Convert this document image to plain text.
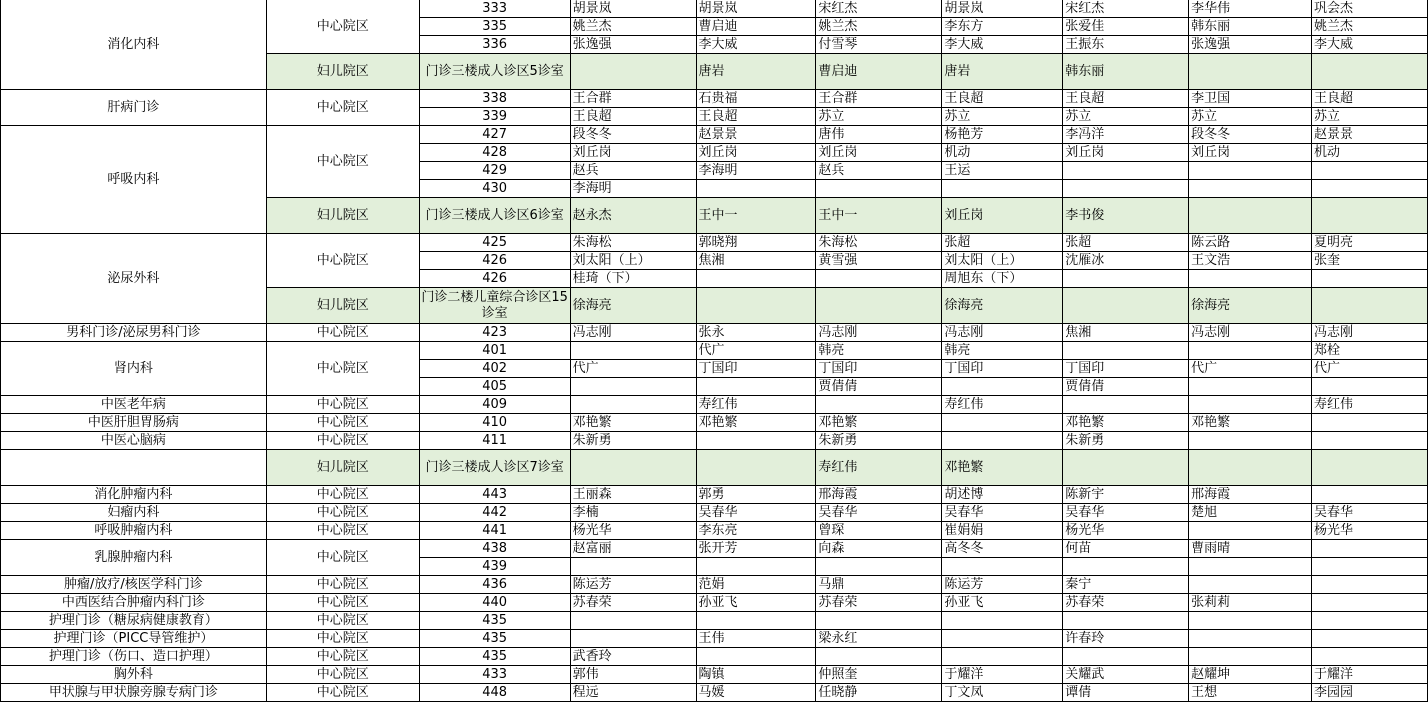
消化内科	中心院区	333	胡景岚	胡景岚	宋红杰	胡景岚	宋红杰	李华伟	巩会杰
		335	姚兰杰	曹启迪	姚兰杰	李东方	张爱佳	韩东丽	姚兰杰
		336	张逸强	李大威	付雪琴	李大威	王振东	张逸强	李大威
	妇儿院区	门诊三楼成人诊区5诊室		唐岩	曹启迪	唐岩	韩东丽		
肝病门诊	中心院区	338	王合群	石贵福	王合群	王良超	王良超	李卫国	王良超
		339	王良超	王良超	苏立	苏立	苏立	苏立	苏立
呼吸内科	中心院区	427	段冬冬	赵景景	唐伟	杨艳芳	李冯洋	段冬冬	赵景景
		428	刘丘岗	刘丘岗	刘丘岗	机动	刘丘岗	刘丘岗	机动
		429	赵兵	李海明	赵兵	王运			
		430	李海明						
	妇儿院区	门诊三楼成人诊区6诊室	赵永杰	王中一	王中一	刘丘岗	李书俊		
泌尿外科	中心院区	425	朱海松	郭晓翔	朱海松	张超	张超	陈云路	夏明亮
		426	刘太阳（上）	焦湘	黄雪强	刘太阳（上）	沈雁冰	王文浩	张奎
		426	桂琦（下）			周旭东（下）			
	妇儿院区	门诊二楼儿童综合诊区15诊室	徐海亮			徐海亮		徐海亮	
男科门诊/泌尿男科门诊	中心院区	423	冯志刚	张永	冯志刚	冯志刚	焦湘	冯志刚	冯志刚
肾内科	中心院区	401		代广	韩亮	韩亮			郑栓
		402	代广	丁国印	丁国印	丁国印	丁国印	代广	代广
		405			贾倩倩		贾倩倩		
中医老年病	中心院区	409		寿红伟		寿红伟			寿红伟
中医肝胆胃肠病	中心院区	410	邓艳繁	邓艳繁	邓艳繁		邓艳繁	邓艳繁	
中医心脑病	中心院区	411	朱新勇		朱新勇		朱新勇		
	妇儿院区	门诊三楼成人诊区7诊室			寿红伟	邓艳繁			
消化肿瘤内科	中心院区	443	王丽森	郭勇	邢海霞	胡述博	陈新宇	邢海霞	
妇瘤内科	中心院区	442	李楠	吴春华	吴春华	吴春华	吴春华	楚旭	吴春华
呼吸肿瘤内科	中心院区	441	杨光华	李东亮	曾琛	崔娟娟	杨光华		杨光华
乳腺肿瘤内科	中心院区	438	赵富丽	张开芳	向森	高冬冬	何苗	曹雨晴	
		439							
肿瘤/放疗/核医学科门诊	中心院区	436	陈运芳	范娟	马鼎	陈运芳	秦宁		
中西医结合肿瘤内科门诊	中心院区	440	苏春荣	孙亚飞	苏春荣	孙亚飞	苏春荣	张莉莉	
护理门诊（糖尿病健康教育）	中心院区	435							
护理门诊（PICC导管维护）	中心院区	435		王伟	梁永红		许春玲		
护理门诊（伤口、造口护理）	中心院区	435	武香玲						
胸外科	中心院区	433	郭伟	陶镇	仲照奎	于耀洋	关耀武	赵耀坤	于耀洋
甲状腺与甲状腺旁腺专病门诊	中心院区	448	程远	马媛	任晓静	丁文凤	谭倩	王想	李园园
